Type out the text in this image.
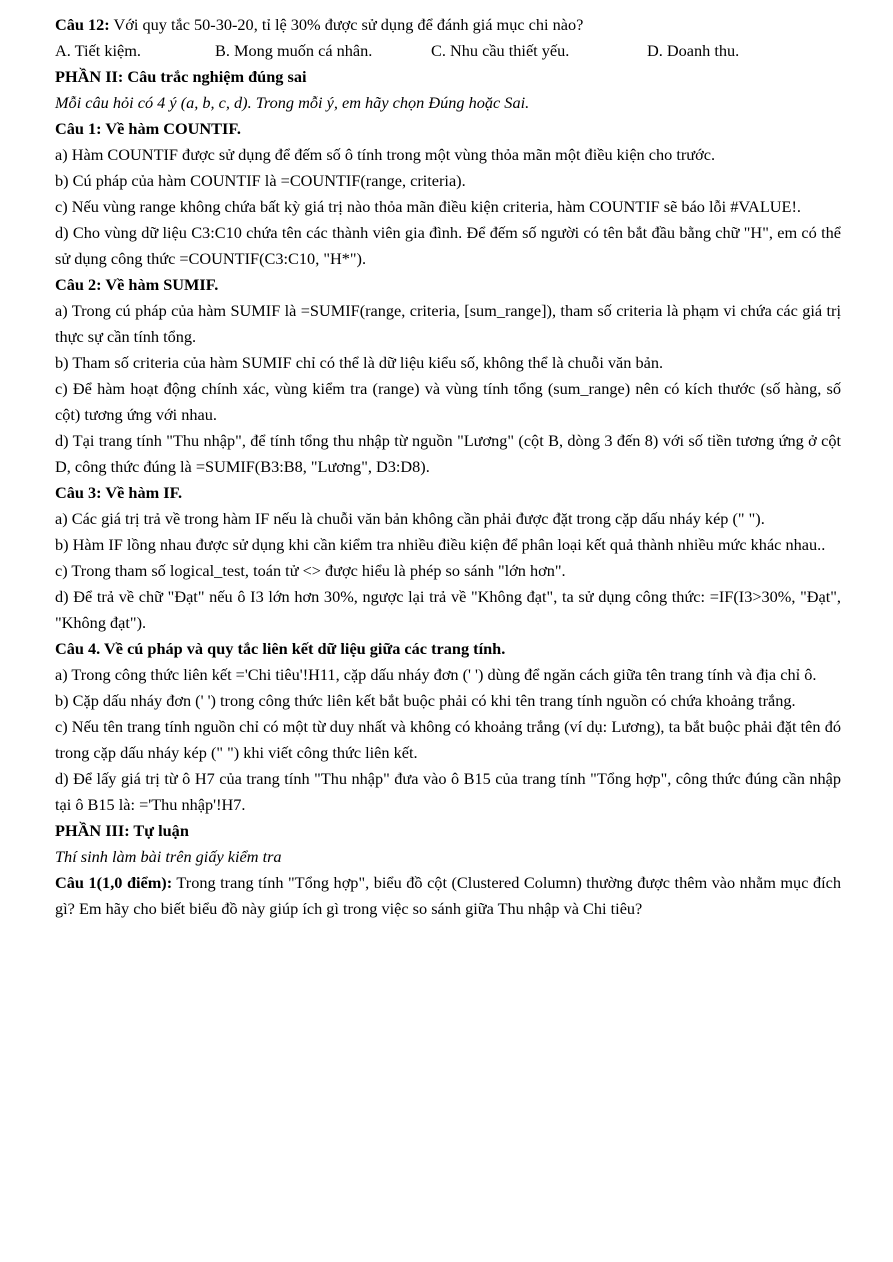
Câu 12: Với quy tắc 50-30-20, tỉ lệ 30% được sử dụng để đánh giá mục chi nào?
A. Tiết kiệm.	B. Mong muốn cá nhân.	C. Nhu cầu thiết yếu.	D. Doanh thu.
PHẦN II: Câu trắc nghiệm đúng sai
Mỗi câu hỏi có 4 ý (a, b, c, d). Trong mỗi ý, em hãy chọn Đúng hoặc Sai.
Câu 1: Về hàm COUNTIF.
a) Hàm COUNTIF được sử dụng để đếm số ô tính trong một vùng thỏa mãn một điều kiện cho trước.
b) Cú pháp của hàm COUNTIF là =COUNTIF(range, criteria).
c) Nếu vùng range không chứa bất kỳ giá trị nào thỏa mãn điều kiện criteria, hàm COUNTIF sẽ báo lỗi #VALUE!.
d) Cho vùng dữ liệu C3:C10 chứa tên các thành viên gia đình. Để đếm số người có tên bắt đầu bằng chữ "H", em có thể sử dụng công thức =COUNTIF(C3:C10, "H*").
Câu 2: Về hàm SUMIF.
a) Trong cú pháp của hàm SUMIF là =SUMIF(range, criteria, [sum_range]), tham số criteria là phạm vi chứa các giá trị thực sự cần tính tổng.
b) Tham số criteria của hàm SUMIF chỉ có thể là dữ liệu kiểu số, không thể là chuỗi văn bản.
c) Để hàm hoạt động chính xác, vùng kiểm tra (range) và vùng tính tổng (sum_range) nên có kích thước (số hàng, số cột) tương ứng với nhau.
d) Tại trang tính "Thu nhập", để tính tổng thu nhập từ nguồn "Lương" (cột B, dòng 3 đến 8) với số tiền tương ứng ở cột D, công thức đúng là =SUMIF(B3:B8, "Lương", D3:D8).
Câu 3: Về hàm IF.
a) Các giá trị trả về trong hàm IF nếu là chuỗi văn bản không cần phải được đặt trong cặp dấu nháy kép (" ").
b) Hàm IF lồng nhau được sử dụng khi cần kiểm tra nhiều điều kiện để phân loại kết quả thành nhiều mức khác nhau..
c) Trong tham số logical_test, toán tử <> được hiểu là phép so sánh "lớn hơn".
d) Để trả về chữ "Đạt" nếu ô I3 lớn hơn 30%, ngược lại trả về "Không đạt", ta sử dụng công thức: =IF(I3>30%, "Đạt", "Không đạt").
Câu 4. Về cú pháp và quy tắc liên kết dữ liệu giữa các trang tính.
a) Trong công thức liên kết ='Chi tiêu'!H11, cặp dấu nháy đơn (' ') dùng để ngăn cách giữa tên trang tính và địa chỉ ô.
b) Cặp dấu nháy đơn (' ') trong công thức liên kết bắt buộc phải có khi tên trang tính nguồn có chứa khoảng trắng.
c) Nếu tên trang tính nguồn chỉ có một từ duy nhất và không có khoảng trắng (ví dụ: Lương), ta bắt buộc phải đặt tên đó trong cặp dấu nháy kép (" ") khi viết công thức liên kết.
d) Để lấy giá trị từ ô H7 của trang tính "Thu nhập" đưa vào ô B15 của trang tính "Tổng hợp", công thức đúng cần nhập tại ô B15 là: ='Thu nhập'!H7.
PHẦN III: Tự luận
Thí sinh làm bài trên giấy kiểm tra
Câu 1(1,0 điểm): Trong trang tính "Tổng hợp", biểu đồ cột (Clustered Column) thường được thêm vào nhằm mục đích gì? Em hãy cho biết biểu đồ này giúp ích gì trong việc so sánh giữa Thu nhập và Chi tiêu?
